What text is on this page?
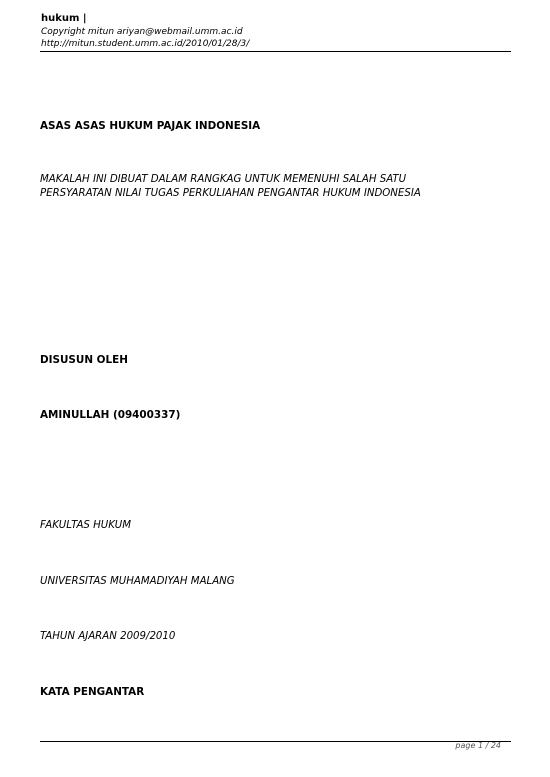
hukum |
Copyright mitun ariyan@webmail.umm.ac.id
http://mitun.student.umm.ac.id/2010/01/28/3/
ASAS ASAS HUKUM PAJAK INDONESIA
MAKALAH INI DIBUAT DALAM RANGKAG UNTUK MEMENUHI SALAH SATU
PERSYARATAN NILAI TUGAS PERKULIAHAN PENGANTAR HUKUM INDONESIA
DISUSUN OLEH
AMINULLAH (09400337)
FAKULTAS HUKUM
UNIVERSITAS MUHAMADIYAH MALANG
TAHUN AJARAN 2009/2010
KATA PENGANTAR
page 1 / 24
